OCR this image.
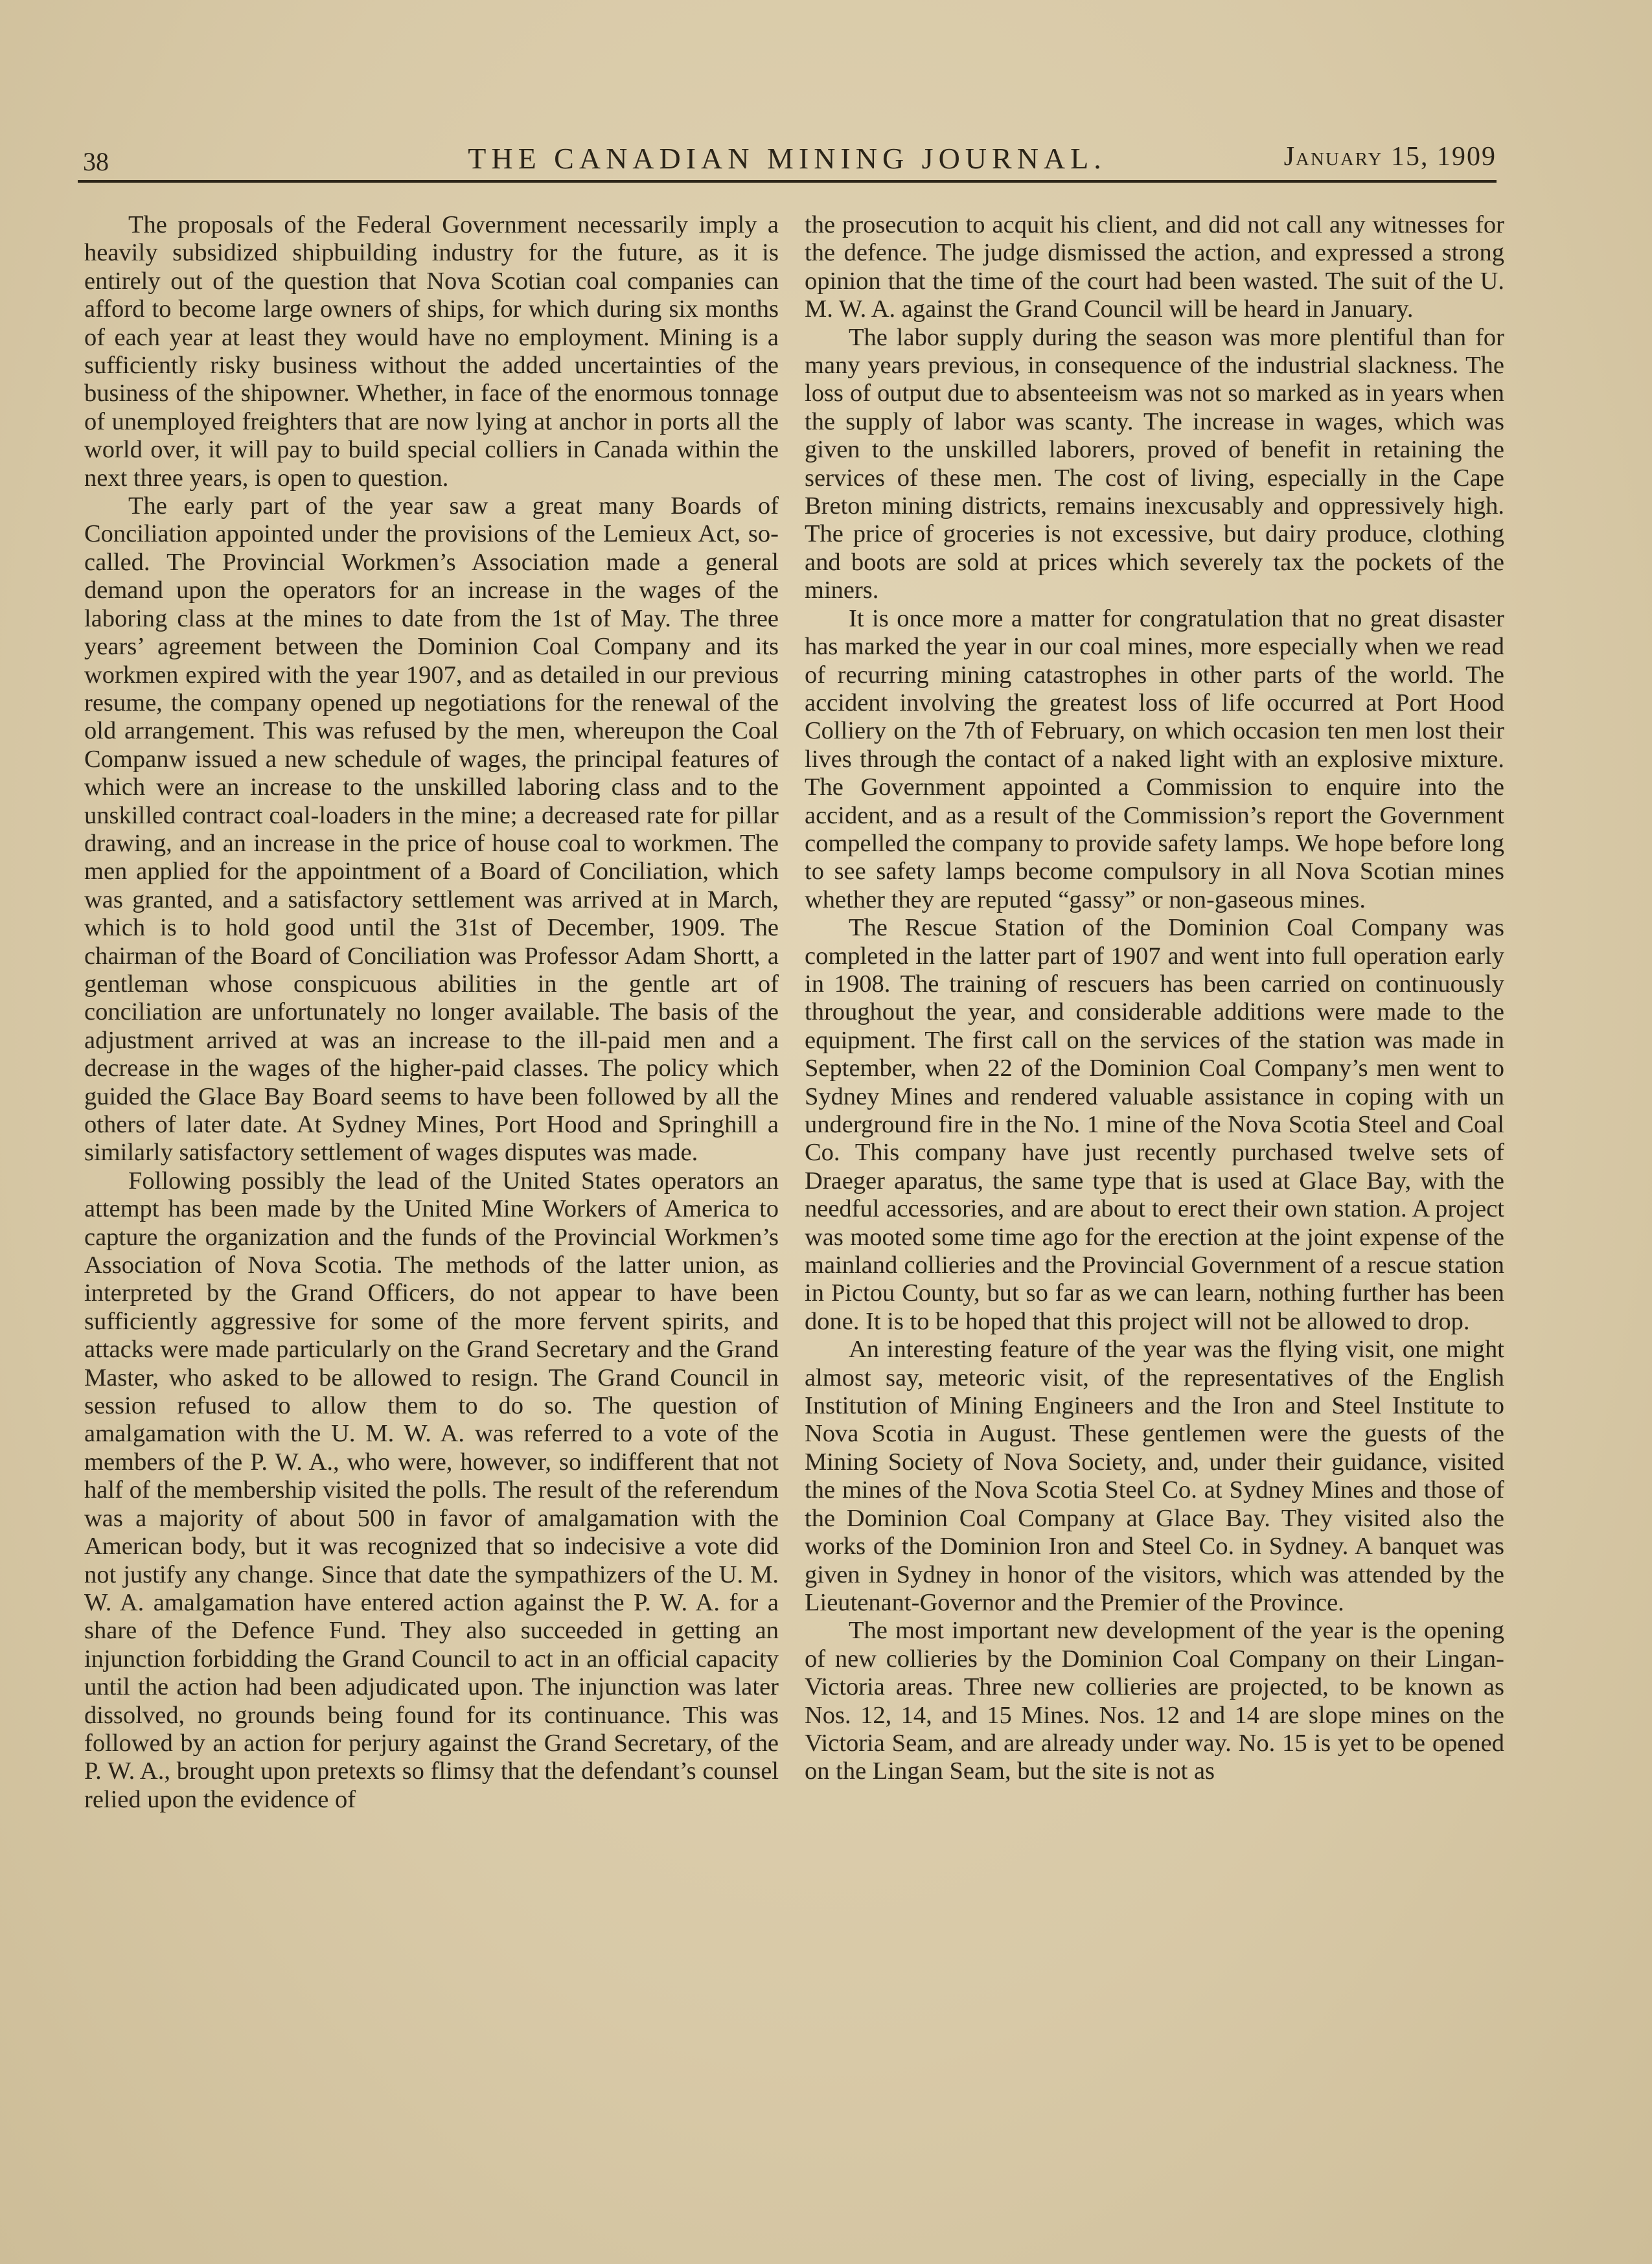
38	THE CANADIAN MINING JOURNAL.	January 15, 1909

The proposals of the Federal Government necessarily imply a heavily subsidized shipbuilding industry for the future, as it is entirely out of the question that Nova Scotian coal companies can afford to become large owners of ships, for which during six months of each year at least they would have no employment. Mining is a sufficiently risky business without the added uncertainties of the business of the shipowner. Whether, in face of the enormous tonnage of unemployed freighters that are now lying at anchor in ports all the world over, it will pay to build special colliers in Canada within the next three years, is open to question.

The early part of the year saw a great many Boards of Conciliation appointed under the provisions of the Lemieux Act, so-called. The Provincial Workmen’s Association made a general demand upon the operators for an increase in the wages of the laboring class at the mines to date from the 1st of May. The three years’ agreement between the Dominion Coal Company and its workmen expired with the year 1907, and as detailed in our previous resume, the company opened up negotiations for the renewal of the old arrangement. This was refused by the men, whereupon the Coal Companw issued a new schedule of wages, the principal features of which were an increase to the unskilled laboring class and to the unskilled contract coal-loaders in the mine; a decreased rate for pillar drawing, and an increase in the price of house coal to workmen. The men applied for the appointment of a Board of Conciliation, which was granted, and a satisfactory settlement was arrived at in March, which is to hold good until the 31st of December, 1909. The chairman of the Board of Conciliation was Professor Adam Shortt, a gentleman whose conspicuous abilities in the gentle art of conciliation are unfortunately no longer available. The basis of the adjustment arrived at was an increase to the ill-paid men and a decrease in the wages of the higher-paid classes. The policy which guided the Glace Bay Board seems to have been followed by all the others of later date. At Sydney Mines, Port Hood and Springhill a similarly satisfactory settlement of wages disputes was made.

Following possibly the lead of the United States operators an attempt has been made by the United Mine Workers of America to capture the organization and the funds of the Provincial Workmen’s Association of Nova Scotia. The methods of the latter union, as interpreted by the Grand Officers, do not appear to have been sufficiently aggressive for some of the more fervent spirits, and attacks were made particularly on the Grand Secretary and the Grand Master, who asked to be allowed to resign. The Grand Council in session refused to allow them to do so. The question of amalgamation with the U. M. W. A. was referred to a vote of the members of the P. W. A., who were, however, so indifferent that not half of the membership visited the polls. The result of the referendum was a majority of about 500 in favor of amalgamation with the American body, but it was recognized that so indecisive a vote did not justify any change. Since that date the sympathizers of the U. M. W. A. amalgamation have entered action against the P. W. A. for a share of the Defence Fund. They also succeeded in getting an injunction forbidding the Grand Council to act in an official capacity until the action had been adjudicated upon. The injunction was later dissolved, no grounds being found for its continuance. This was followed by an action for perjury against the Grand Secretary, of the P. W. A., brought upon pretexts so flimsy that the defendant’s counsel relied upon the evidence of

the prosecution to acquit his client, and did not call any witnesses for the defence. The judge dismissed the action, and expressed a strong opinion that the time of the court had been wasted. The suit of the U. M. W. A. against the Grand Council will be heard in January.

The labor supply during the season was more plentiful than for many years previous, in consequence of the industrial slackness. The loss of output due to absenteeism was not so marked as in years when the supply of labor was scanty. The increase in wages, which was given to the unskilled laborers, proved of benefit in retaining the services of these men. The cost of living, especially in the Cape Breton mining districts, remains inexcusably and oppressively high. The price of groceries is not excessive, but dairy produce, clothing and boots are sold at prices which severely tax the pockets of the miners.

It is once more a matter for congratulation that no great disaster has marked the year in our coal mines, more especially when we read of recurring mining catastrophes in other parts of the world. The accident involving the greatest loss of life occurred at Port Hood Colliery on the 7th of February, on which occasion ten men lost their lives through the contact of a naked light with an explosive mixture. The Government appointed a Commission to enquire into the accident, and as a result of the Commission’s report the Government compelled the company to provide safety lamps. We hope before long to see safety lamps become compulsory in all Nova Scotian mines whether they are reputed “gassy” or non-gaseous mines.

The Rescue Station of the Dominion Coal Company was completed in the latter part of 1907 and went into full operation early in 1908. The training of rescuers has been carried on continuously throughout the year, and considerable additions were made to the equipment. The first call on the services of the station was made in September, when 22 of the Dominion Coal Company’s men went to Sydney Mines and rendered valuable assistance in coping with un underground fire in the No. 1 mine of the Nova Scotia Steel and Coal Co. This company have just recently purchased twelve sets of Draeger aparatus, the same type that is used at Glace Bay, with the needful accessories, and are about to erect their own station. A project was mooted some time ago for the erection at the joint expense of the mainland collieries and the Provincial Government of a rescue station in Pictou County, but so far as we can learn, nothing further has been done. It is to be hoped that this project will not be allowed to drop.

An interesting feature of the year was the flying visit, one might almost say, meteoric visit, of the representatives of the English Institution of Mining Engineers and the Iron and Steel Institute to Nova Scotia in August. These gentlemen were the guests of the Mining Society of Nova Society, and, under their guidance, visited the mines of the Nova Scotia Steel Co. at Sydney Mines and those of the Dominion Coal Company at Glace Bay. They visited also the works of the Dominion Iron and Steel Co. in Sydney. A banquet was given in Sydney in honor of the visitors, which was attended by the Lieutenant-Governor and the Premier of the Province.

The most important new development of the year is the opening of new collieries by the Dominion Coal Company on their Lingan-Victoria areas. Three new collieries are projected, to be known as Nos. 12, 14, and 15 Mines. Nos. 12 and 14 are slope mines on the Victoria Seam, and are already under way. No. 15 is yet to be opened on the Lingan Seam, but the site is not as
